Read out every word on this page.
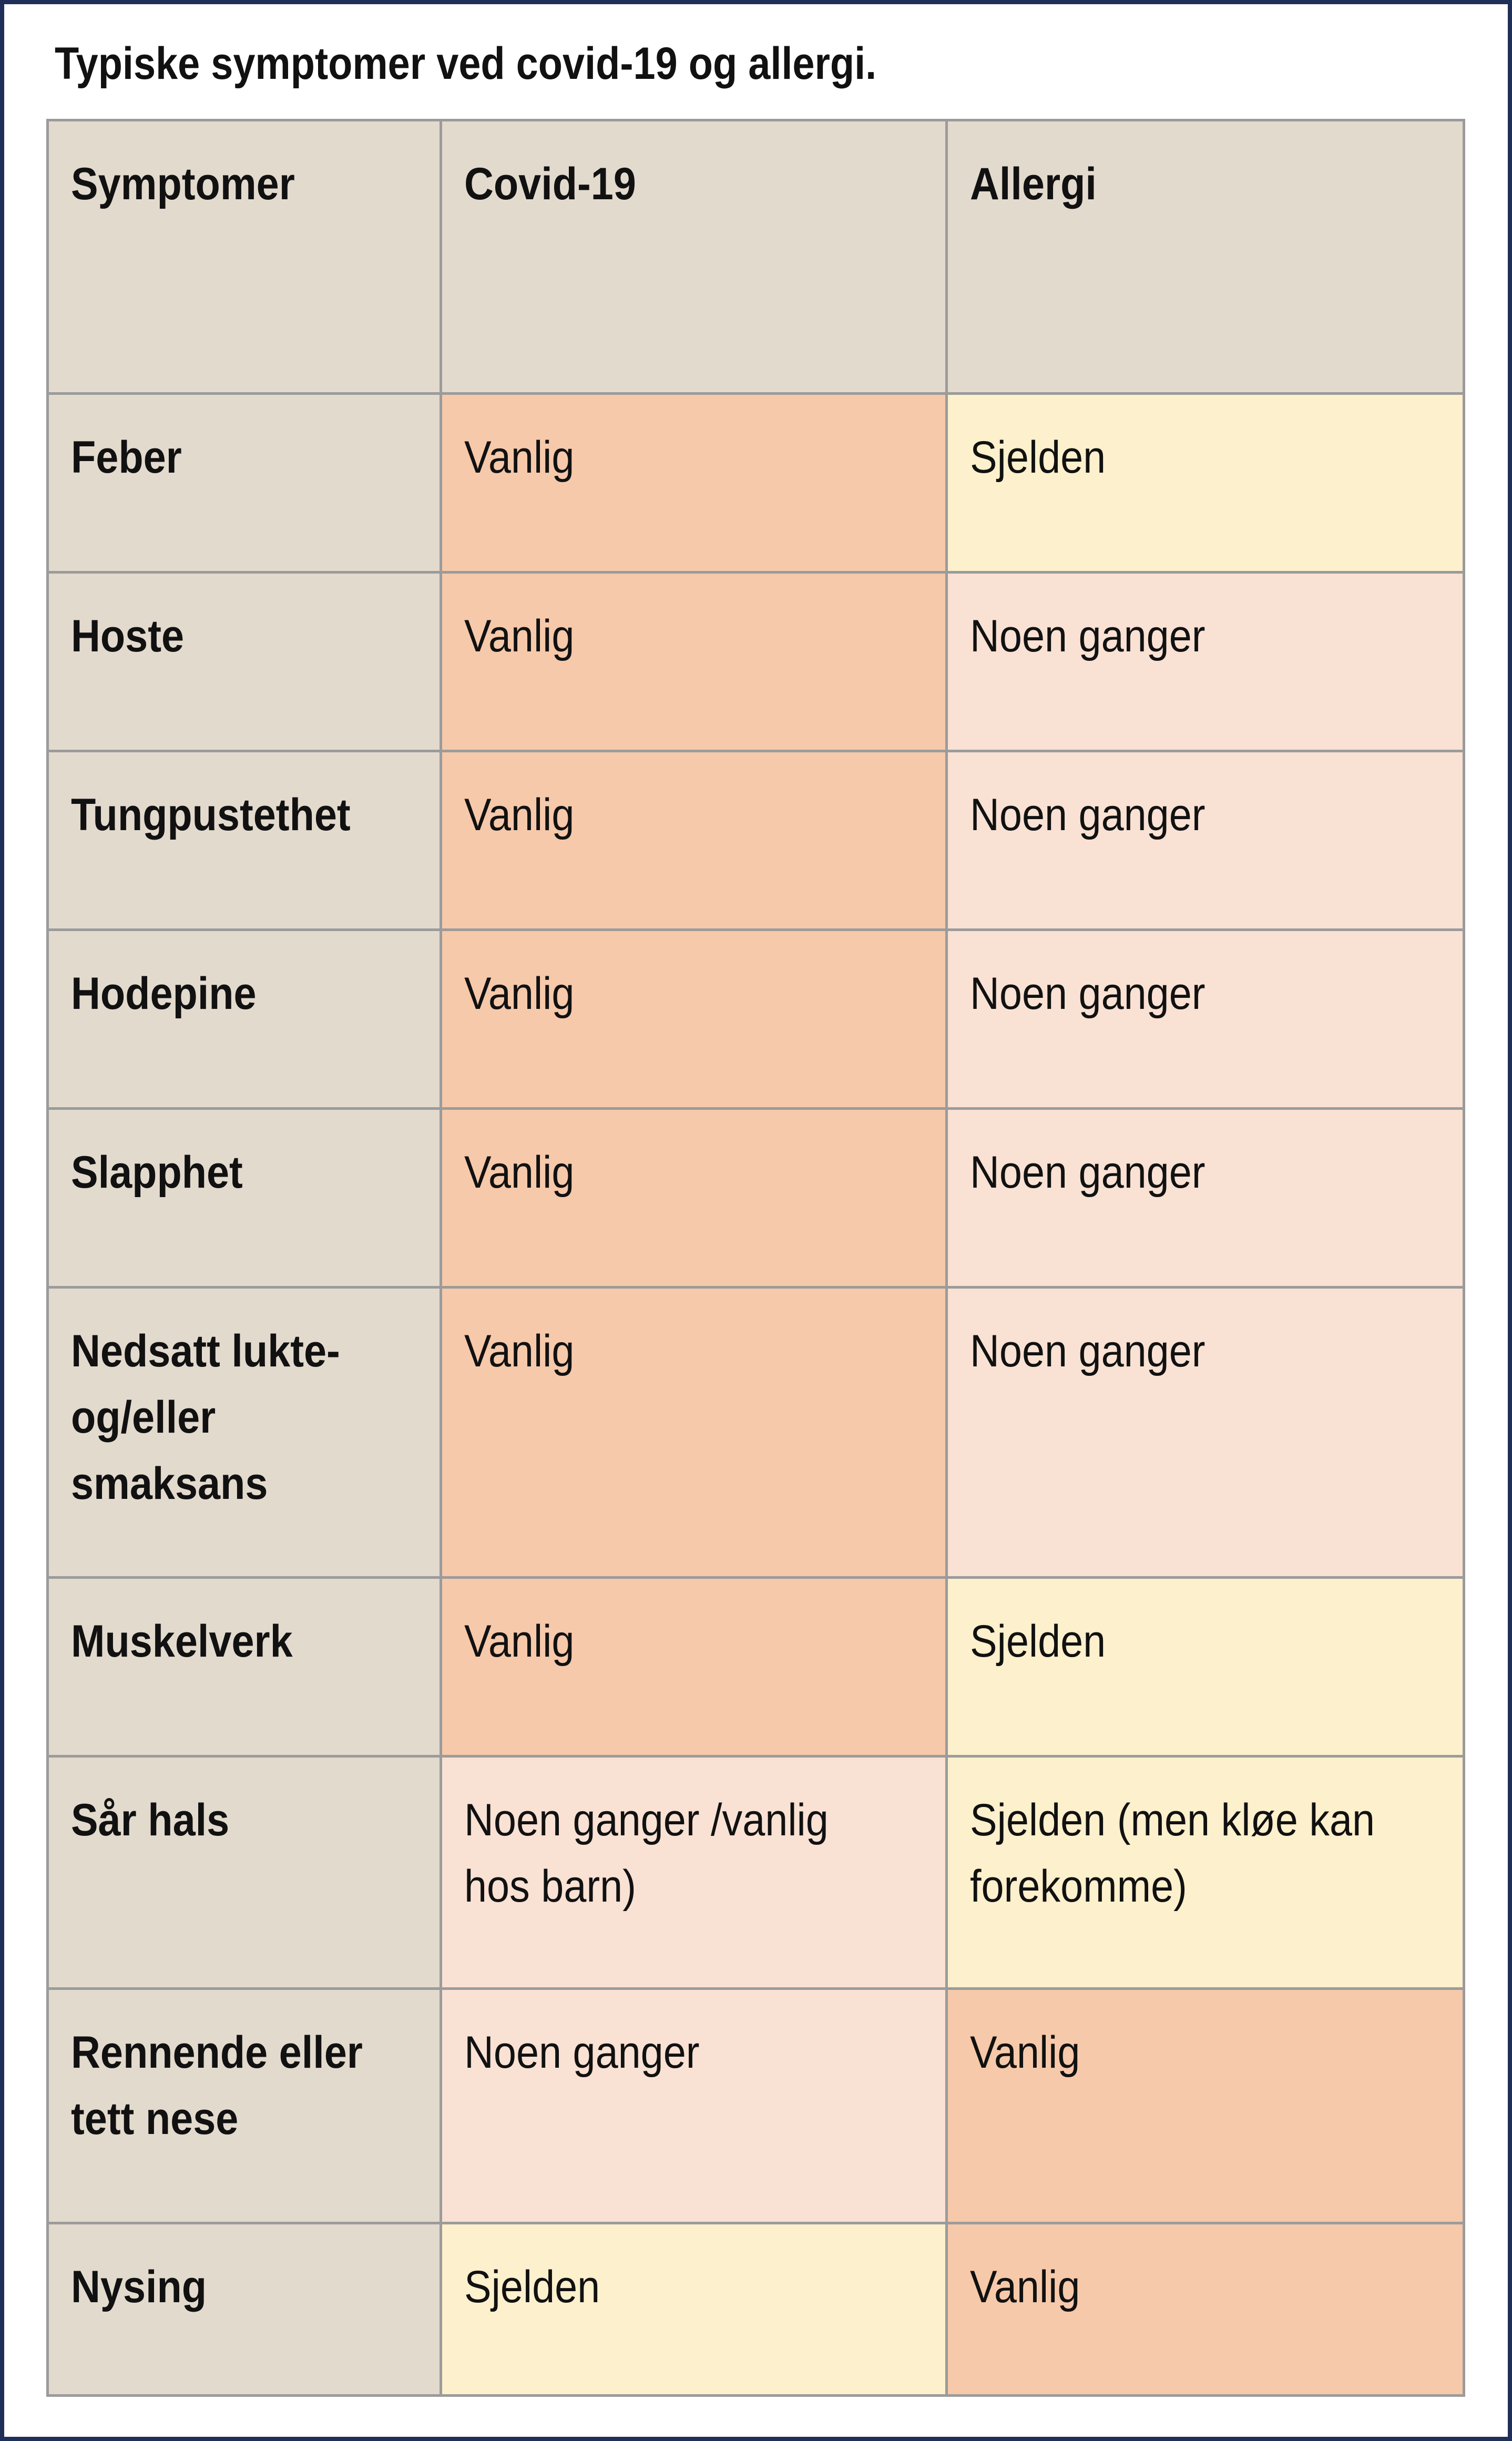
Typiske symptomer ved covid-19 og allergi.
Symptomer	Covid-19	Allergi

Feber	Vanlig	Sjelden

Hoste	Vanlig	Noen ganger

Tungpustethet	Vanlig	Noen ganger

Hodepine	Vanlig	Noen ganger

Slapphet	Vanlig	Noen ganger

Nedsatt lukte-
og/eller smaksans	Vanlig	Noen ganger

Muskelverk	Vanlig	Sjelden

Sår hals	Noen ganger /vanlig hos barn)	Sjelden (men kløe kan forekomme)

Rennende eller
tett nese	Noen ganger	Vanlig

Nysing	Sjelden	Vanlig
